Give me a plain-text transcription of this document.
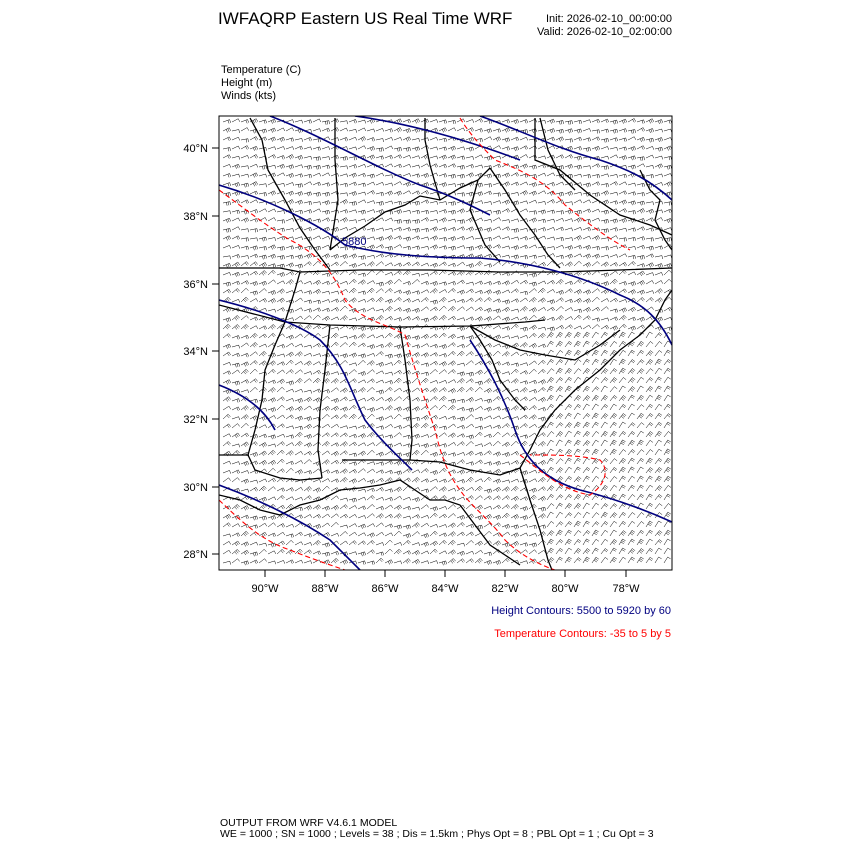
IWFAQRP Eastern US Real Time WRF	Init: 2026-02-10_00:00:00
Valid: 2026-02-10_02:00:00
Temperature (C)
Height (m)
Winds (kts)
5880
90°W	88°W	86°W	84°W	82°W	80°W	78°W
40°N
38°N
36°N
34°N
32°N
30°N
28°N
Height Contours: 5500 to 5920 by 60
Temperature Contours: -35 to 5 by 5
OUTPUT FROM WRF V4.6.1 MODEL
WE = 1000 ; SN = 1000 ; Levels = 38 ; Dis = 1.5km ; Phys Opt = 8 ; PBL Opt = 1 ; Cu Opt = 3
